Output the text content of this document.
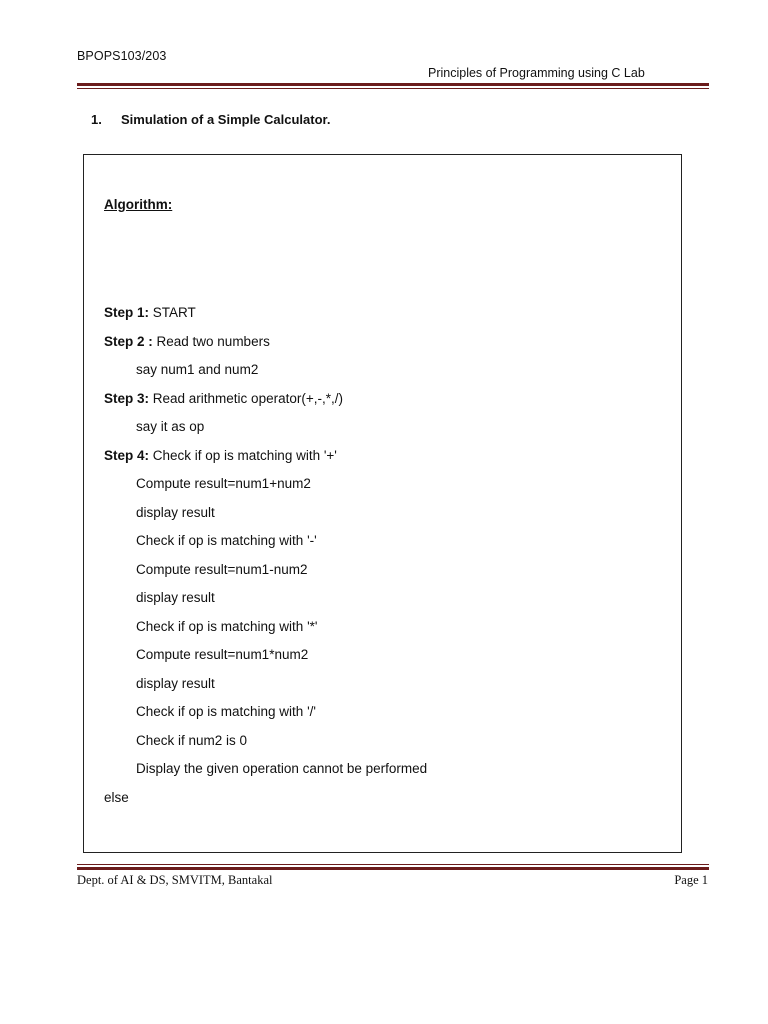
BPOPS103/203
Principles of Programming using C Lab
1. Simulation of a Simple Calculator.
Algorithm:
Step 1: START
Step 2 : Read two numbers
say num1 and num2
Step 3: Read arithmetic operator(+,-,*,/)
say it as op
Step 4: Check if op is matching with '+'
Compute result=num1+num2
display result
Check if op is matching with '-'
Compute result=num1-num2
display result
Check if op is matching with '*'
Compute result=num1*num2
display result
Check if op is matching with '/'
Check if num2 is 0
Display the given operation cannot be performed
else
Dept. of AI & DS, SMVITM, Bantakal	Page 1
